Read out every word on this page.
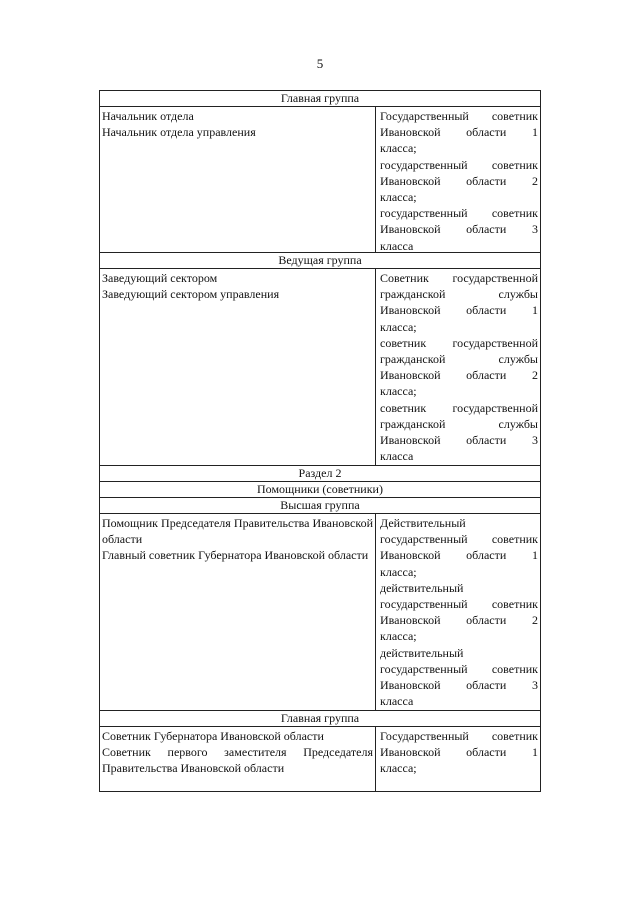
5
Главная группа
Начальник отдела
Начальник отдела управления
Государственный советник
Ивановской области 1
класса;
государственный советник
Ивановской области 2
класса;
государственный советник
Ивановской области 3
класса
Ведущая группа
Заведующий сектором
Заведующий сектором управления
Советник государственной
гражданской службы
Ивановской области 1
класса;
советник государственной
гражданской службы
Ивановской области 2
класса;
советник государственной
гражданской службы
Ивановской области 3
класса
Раздел 2
Помощники (советники)
Высшая группа
Помощник Председателя Правительства Ивановской области
Главный советник Губернатора Ивановской области
Действительный
государственный советник
Ивановской области 1
класса;
действительный
государственный советник
Ивановской области 2
класса;
действительный
государственный советник
Ивановской области 3
класса
Главная группа
Советник Губернатора Ивановской области
Советник первого заместителя Председателя Правительства Ивановской области
Государственный советник
Ивановской области 1
класса;
